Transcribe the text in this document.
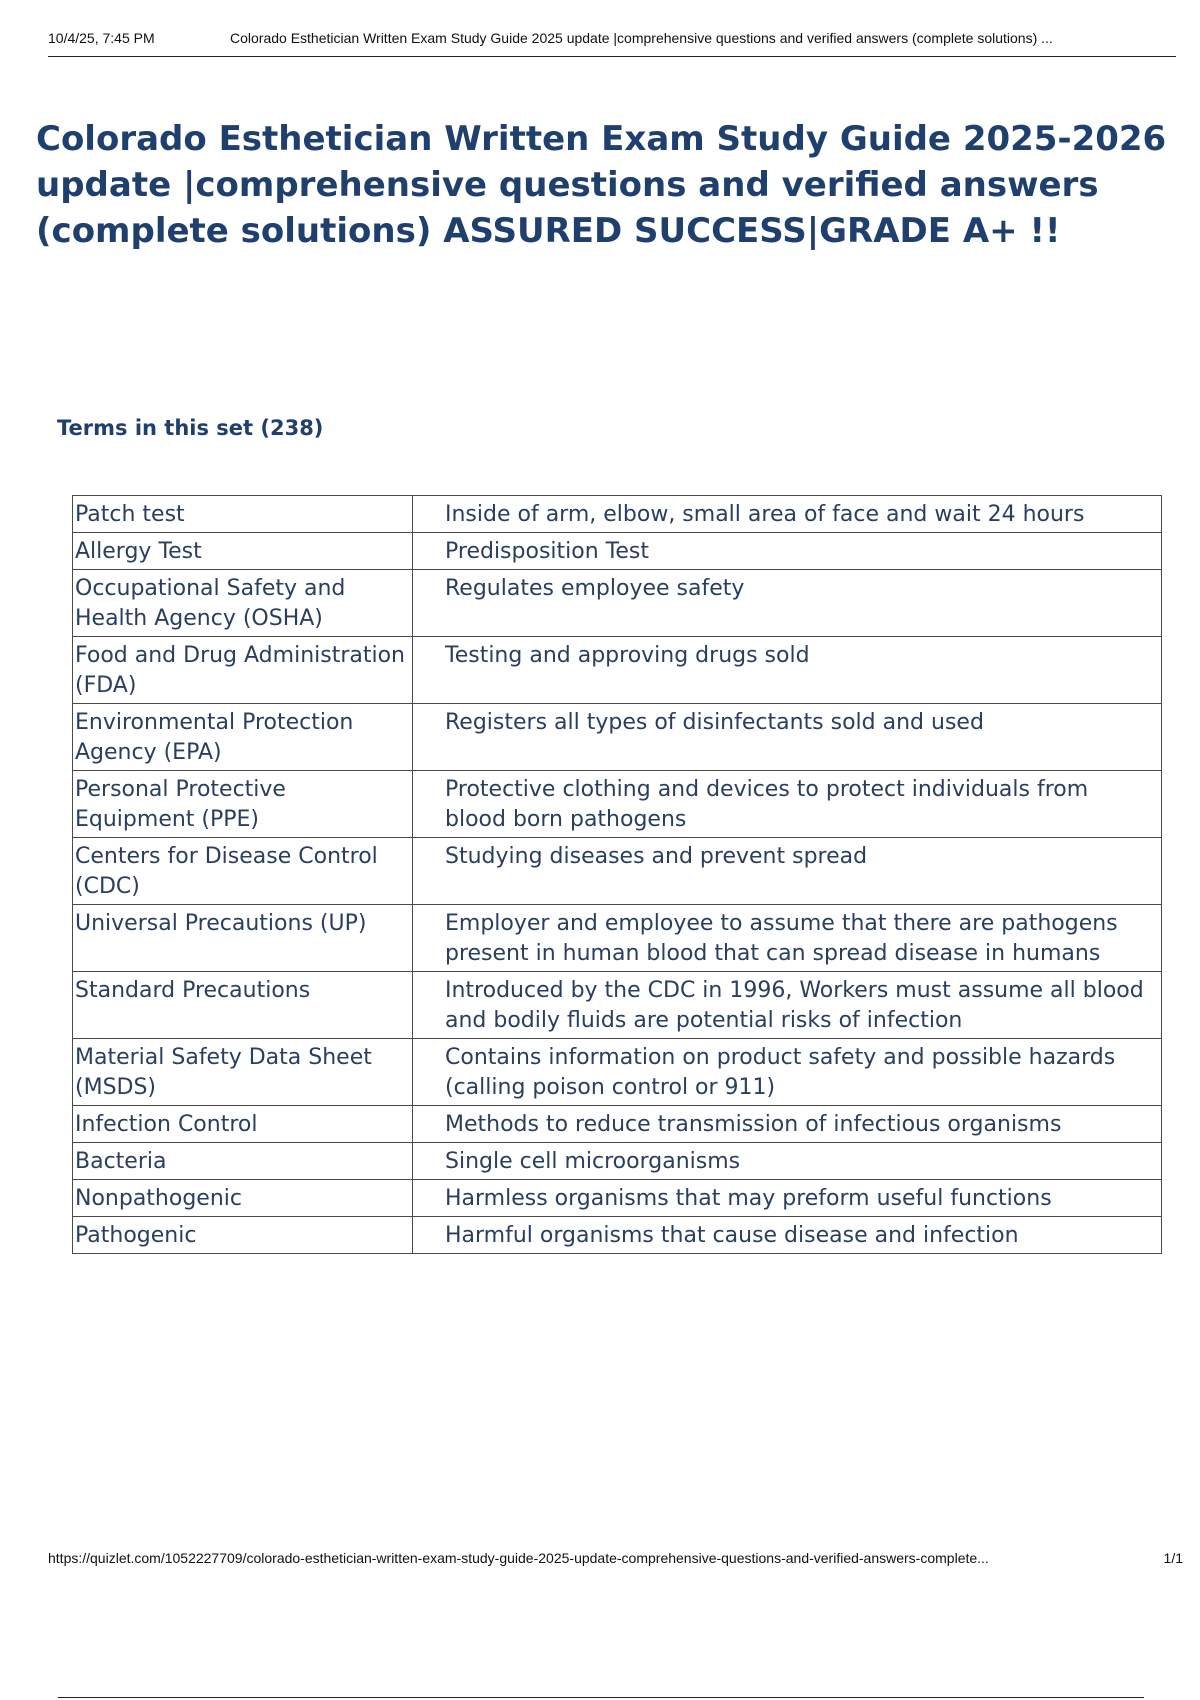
10/4/25, 7:45 PM	Colorado Esthetician Written Exam Study Guide 2025 update |comprehensive questions and verified answers (complete solutions) ...
Colorado Esthetician Written Exam Study Guide 2025-2026 update |comprehensive questions and verified answers (complete solutions) ASSURED SUCCESS|GRADE A+ !!
Terms in this set (238)
Patch test	Inside of arm, elbow, small area of face and wait 24 hours
Allergy Test	Predisposition Test
Occupational Safety and Health Agency (OSHA)	Regulates employee safety
Food and Drug Administration (FDA)	Testing and approving drugs sold
Environmental Protection Agency (EPA)	Registers all types of disinfectants sold and used
Personal Protective Equipment (PPE)	Protective clothing and devices to protect individuals from blood born pathogens
Centers for Disease Control (CDC)	Studying diseases and prevent spread
Universal Precautions (UP)	Employer and employee to assume that there are pathogens present in human blood that can spread disease in humans
Standard Precautions	Introduced by the CDC in 1996, Workers must assume all blood and bodily fluids are potential risks of infection
Material Safety Data Sheet (MSDS)	Contains information on product safety and possible hazards (calling poison control or 911)
Infection Control	Methods to reduce transmission of infectious organisms
Bacteria	Single cell microorganisms
Nonpathogenic	Harmless organisms that may preform useful functions
Pathogenic	Harmful organisms that cause disease and infection
https://quizlet.com/1052227709/colorado-esthetician-written-exam-study-guide-2025-update-comprehensive-questions-and-verified-answers-complete...	1/1
